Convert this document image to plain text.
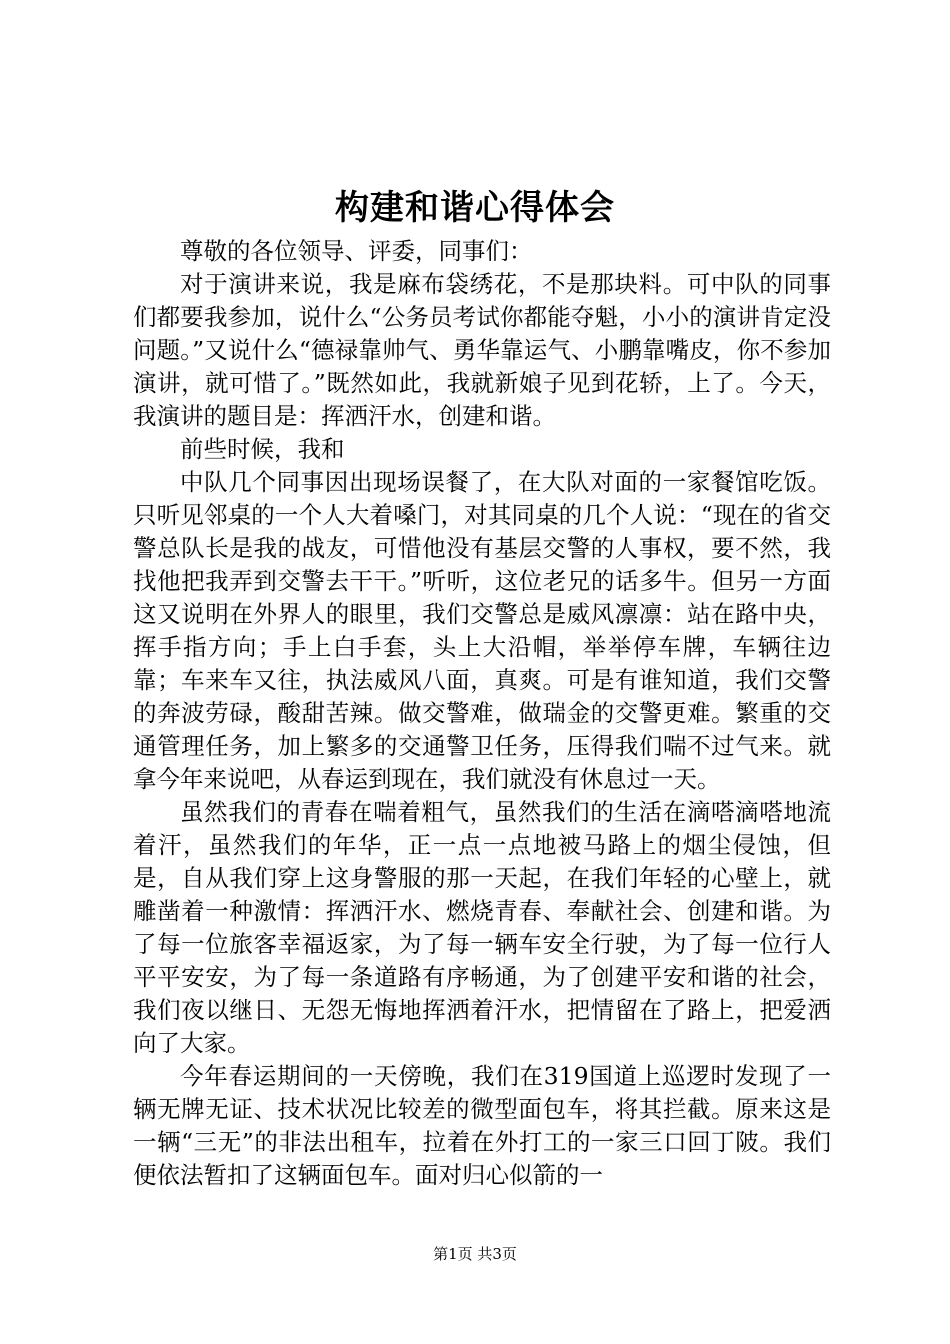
构建和谐心得体会

尊敬的各位领导、评委，同事们：

对于演讲来说，我是麻布袋绣花，不是那块料。可中队的同事们都要我参加，说什么“公务员考试你都能夺魁，小小的演讲肯定没问题。”又说什么“德禄靠帅气、勇华靠运气、小鹏靠嘴皮，你不参加演讲，就可惜了。”既然如此，我就新娘子见到花轿，上了。今天，我演讲的题目是：挥洒汗水，创建和谐。

前些时候，我和

中队几个同事因出现场误餐了，在大队对面的一家餐馆吃饭。只听见邻桌的一个人大着嗓门，对其同桌的几个人说：“现在的省交警总队长是我的战友，可惜他没有基层交警的人事权，要不然，我找他把我弄到交警去干干。”听听，这位老兄的话多牛。但另一方面这又说明在外界人的眼里，我们交警总是威风凛凛：站在路中央，挥手指方向；手上白手套，头上大沿帽，举举停车牌，车辆往边靠；车来车又往，执法威风八面，真爽。可是有谁知道，我们交警的奔波劳碌，酸甜苦辣。做交警难，做瑞金的交警更难。繁重的交通管理任务，加上繁多的交通警卫任务，压得我们喘不过气来。就拿今年来说吧，从春运到现在，我们就没有休息过一天。

虽然我们的青春在喘着粗气，虽然我们的生活在滴嗒滴嗒地流着汗，虽然我们的年华，正一点一点地被马路上的烟尘侵蚀，但是，自从我们穿上这身警服的那一天起，在我们年轻的心壁上，就雕凿着一种激情：挥洒汗水、燃烧青春、奉献社会、创建和谐。为了每一位旅客幸福返家，为了每一辆车安全行驶，为了每一位行人平平安安，为了每一条道路有序畅通，为了创建平安和谐的社会，我们夜以继日、无怨无悔地挥洒着汗水，把情留在了路上，把爱洒向了大家。

今年春运期间的一天傍晚，我们在319国道上巡逻时发现了一辆无牌无证、技术状况比较差的微型面包车，将其拦截。原来这是一辆“三无”的非法出租车，拉着在外打工的一家三口回丁陂。我们便依法暂扣了这辆面包车。面对归心似箭的一

第1页 共3页
